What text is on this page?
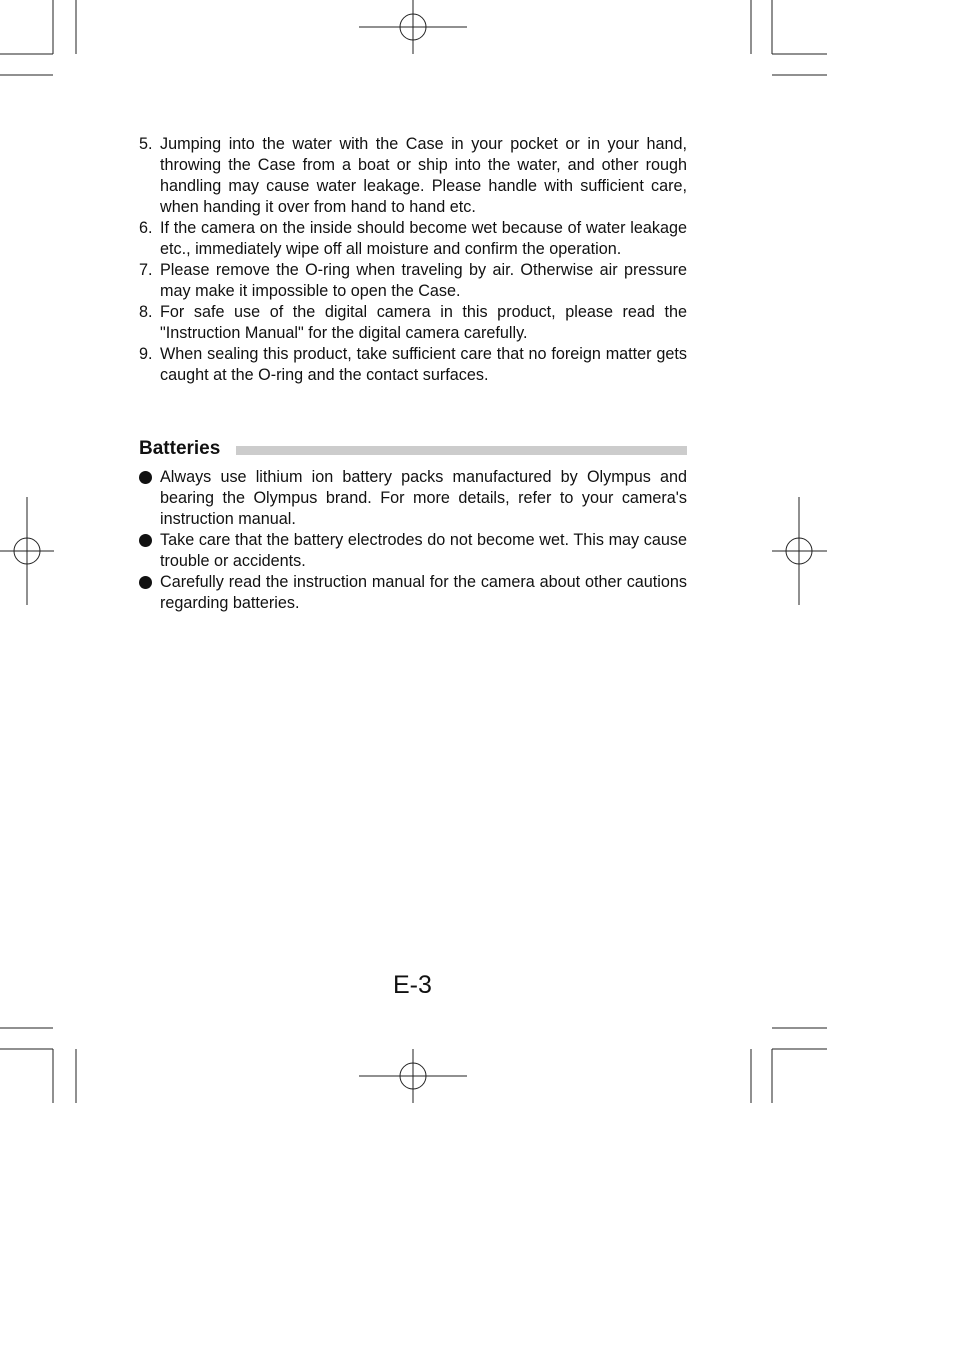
5. Jumping into the water with the Case in your pocket or in your hand, throwing the Case from a boat or ship into the water, and other rough handling may cause water leakage. Please handle with sufficient care, when handing it over from hand to hand etc.
6. If the camera on the inside should become wet because of water leakage etc., immediately wipe off all moisture and confirm the operation.
7. Please remove the O-ring when traveling by air. Otherwise air pressure may make it impossible to open the Case.
8. For safe use of the digital camera in this product, please read the "Instruction Manual" for the digital camera carefully.
9. When sealing this product, take sufficient care that no foreign matter gets caught at the O-ring and the contact surfaces.
Batteries
Always use lithium ion battery packs manufactured by Olympus and bearing the Olympus brand. For more details, refer to your camera's instruction manual.
Take care that the battery electrodes do not become wet. This may cause trouble or accidents.
Carefully read the instruction manual for the camera about other cautions regarding batteries.
E-3
